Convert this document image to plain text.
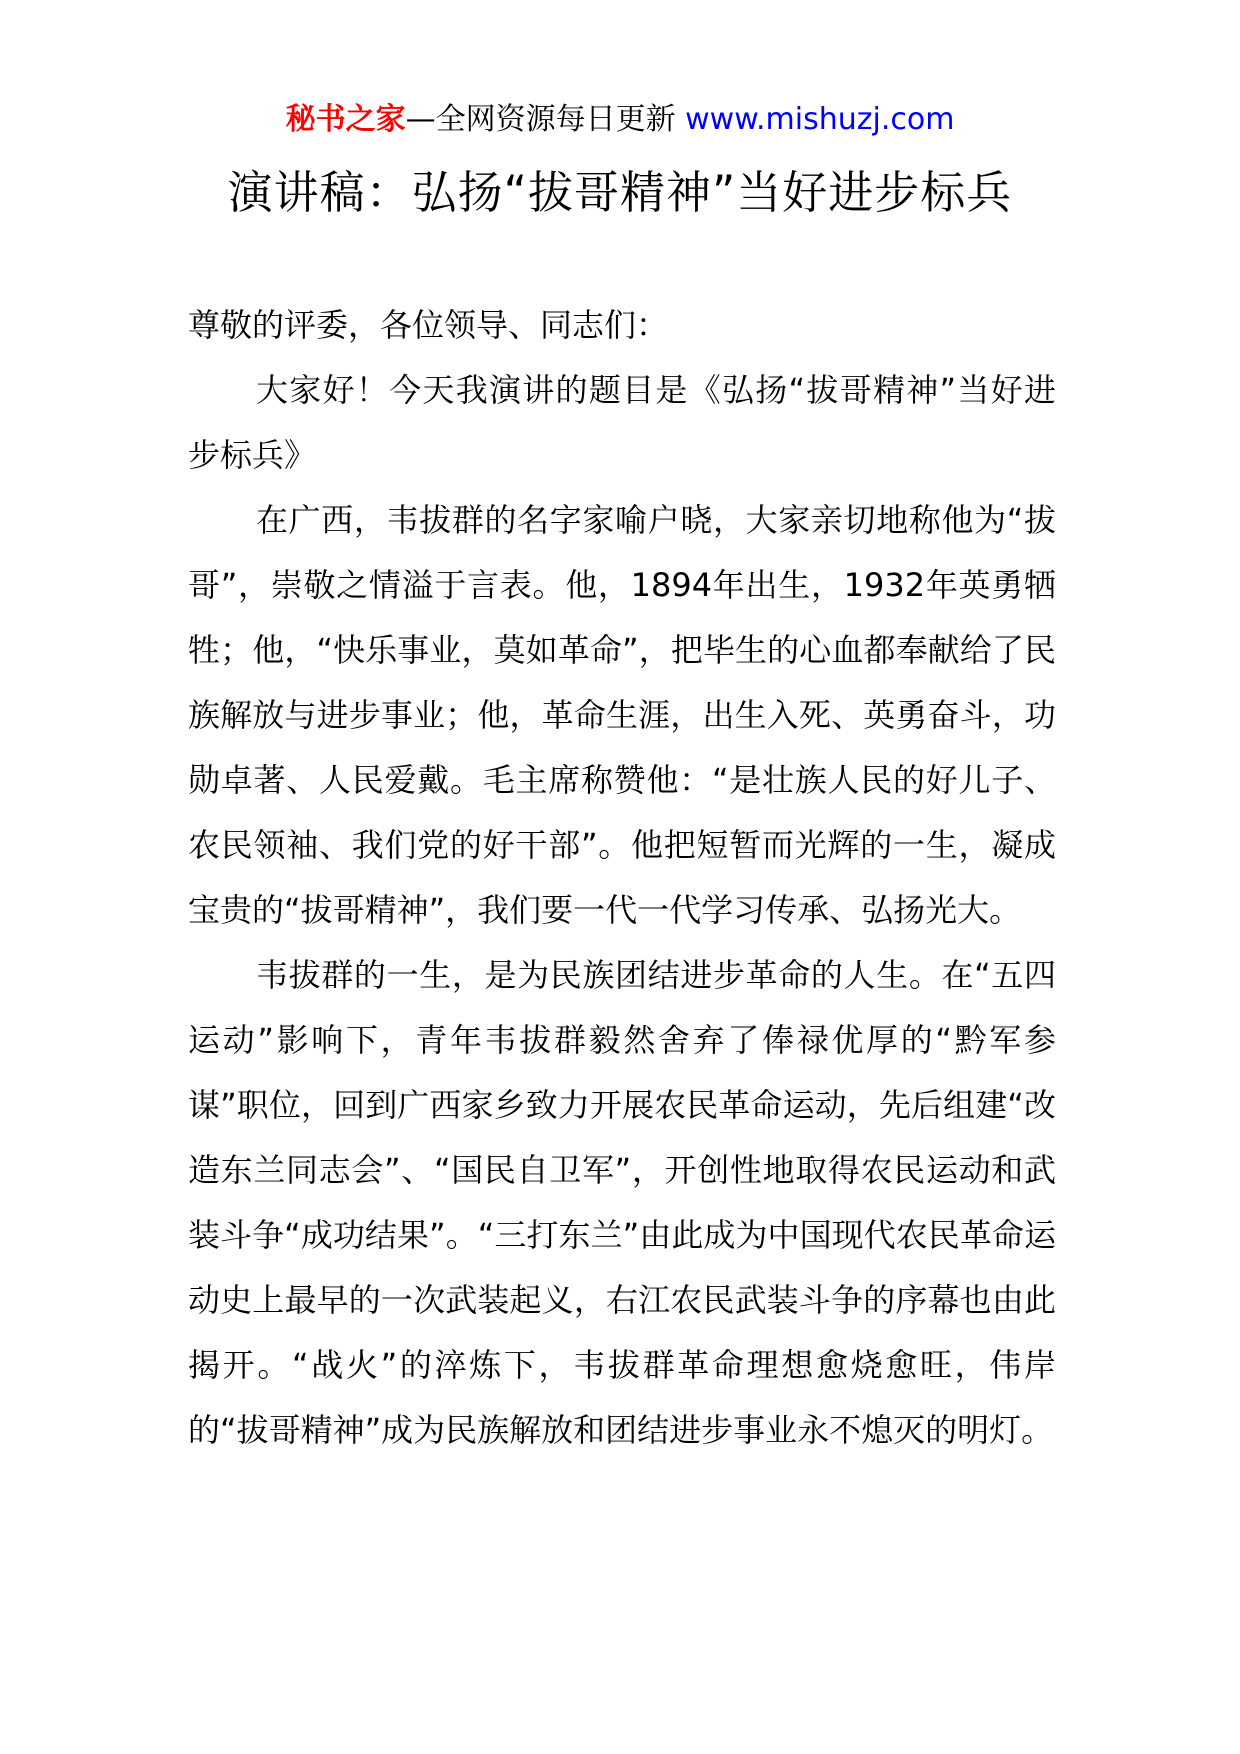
秘书之家—全网资源每日更新 www.mishuzj.com
演讲稿：弘扬“拔哥精神”当好进步标兵

尊敬的评委，各位领导、同志们：

大家好！今天我演讲的题目是《弘扬“拔哥精神”当好进步标兵》

在广西，韦拔群的名字家喻户晓，大家亲切地称他为“拔哥”，崇敬之情溢于言表。他，1894年出生，1932年英勇牺牲；他，“快乐事业，莫如革命”，把毕生的心血都奉献给了民族解放与进步事业；他，革命生涯，出生入死、英勇奋斗，功勋卓著、人民爱戴。毛主席称赞他：“是壮族人民的好儿子、农民领袖、我们党的好干部”。他把短暂而光辉的一生，凝成宝贵的“拔哥精神”，我们要一代一代学习传承、弘扬光大。

韦拔群的一生，是为民族团结进步革命的人生。在“五四运动”影响下，青年韦拔群毅然舍弃了俸禄优厚的“黔军参谋”职位，回到广西家乡致力开展农民革命运动，先后组建“改造东兰同志会”、“国民自卫军”，开创性地取得农民运动和武装斗争“成功结果”。“三打东兰”由此成为中国现代农民革命运动史上最早的一次武装起义，右江农民武装斗争的序幕也由此揭开。“战火”的淬炼下，韦拔群革命理想愈烧愈旺，伟岸的“拔哥精神”成为民族解放和团结进步事业永不熄灭的明灯。
